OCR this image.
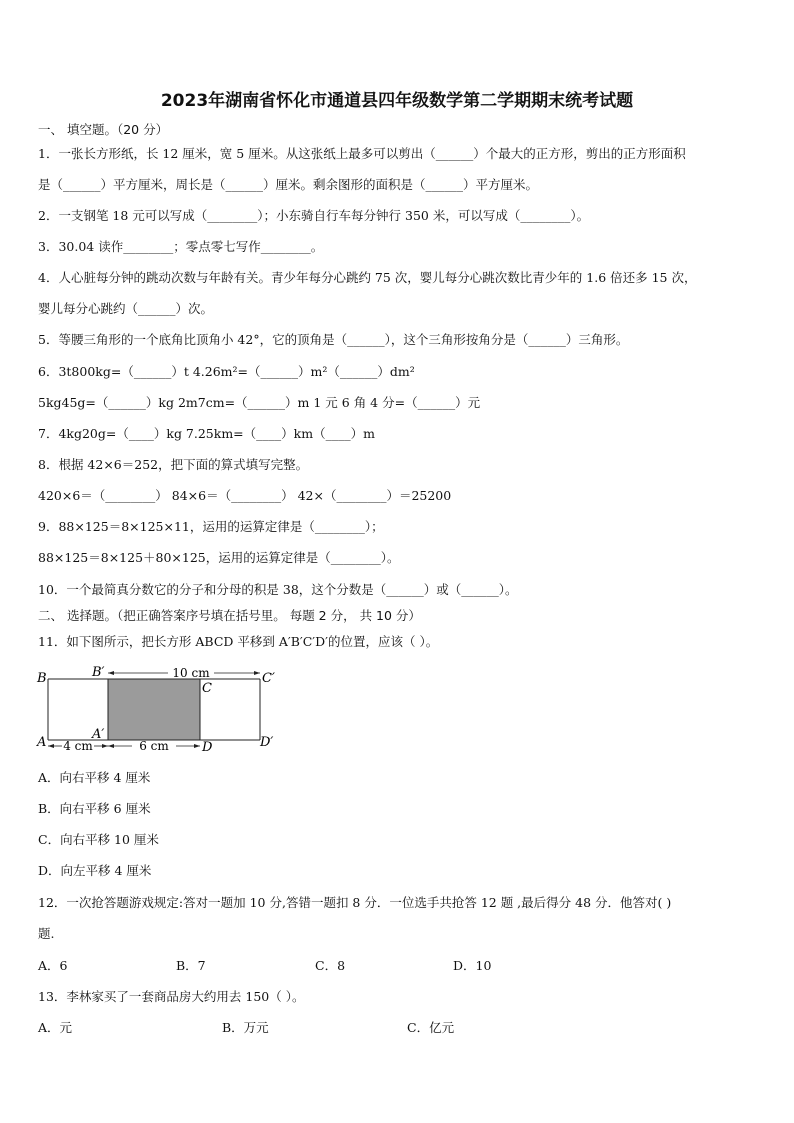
2023年湖南省怀化市通道县四年级数学第二学期期末统考试题
一、 填空题。（20 分）
1．一张长方形纸，长 12 厘米，宽 5 厘米。从这张纸上最多可以剪出（______）个最大的正方形，剪出的正方形面积
是（______）平方厘米，周长是（______）厘米。剩余图形的面积是（______）平方厘米。
2．一支钢笔 18 元可以写成（________）；小东骑自行车每分钟行 350 米，可以写成（________）。
3．30.04 读作________；零点零七写作________。
4．人心脏每分钟的跳动次数与年龄有关。青少年每分心跳约 75 次，婴儿每分心跳次数比青少年的 1.6 倍还多 15 次，
婴儿每分心跳约（______）次。
5．等腰三角形的一个底角比顶角小 42°，它的顶角是（______），这个三角形按角分是（______）三角形。
6．3t800kg=（______）t 4.26m²=（______）m²（______）dm²
5kg45g=（______）kg 2m7cm=（______）m 1 元 6 角 4 分=（______）元
7．4kg20g=（____）kg 7.25km=（____）km（____）m
8．根据 42×6＝252，把下面的算式填写完整。
420×6＝（________） 84×6＝（________） 42×（________）＝25200
9．88×125＝8×125×11，运用的运算定律是（________）；
88×125＝8×125＋80×125，运用的运算定律是（________）。
10．一个最简真分数它的分子和分母的积是 38，这个分数是（______）或（______）。
二、 选择题。（把正确答案序号填在括号里。 每题 2 分， 共 10 分）
11．如下图所示，把长方形 ABCD 平移到 A′B′C′D′的位置，应该（ ）。
10 cm
4 cm	6 cm
B	B′
C
C′
A
A′
D	D′
A．向右平移 4 厘米
B．向右平移 6 厘米
C．向右平移 10 厘米
D．向左平移 4 厘米
12．一次抢答题游戏规定:答对一题加 10 分,答错一题扣 8 分．一位选手共抢答 12 题 ,最后得分 48 分．他答对( )
题.
A．6	B．7	C．8	D．10
13．李林家买了一套商品房大约用去 150（ ）。
A．元	B．万元	C．亿元
